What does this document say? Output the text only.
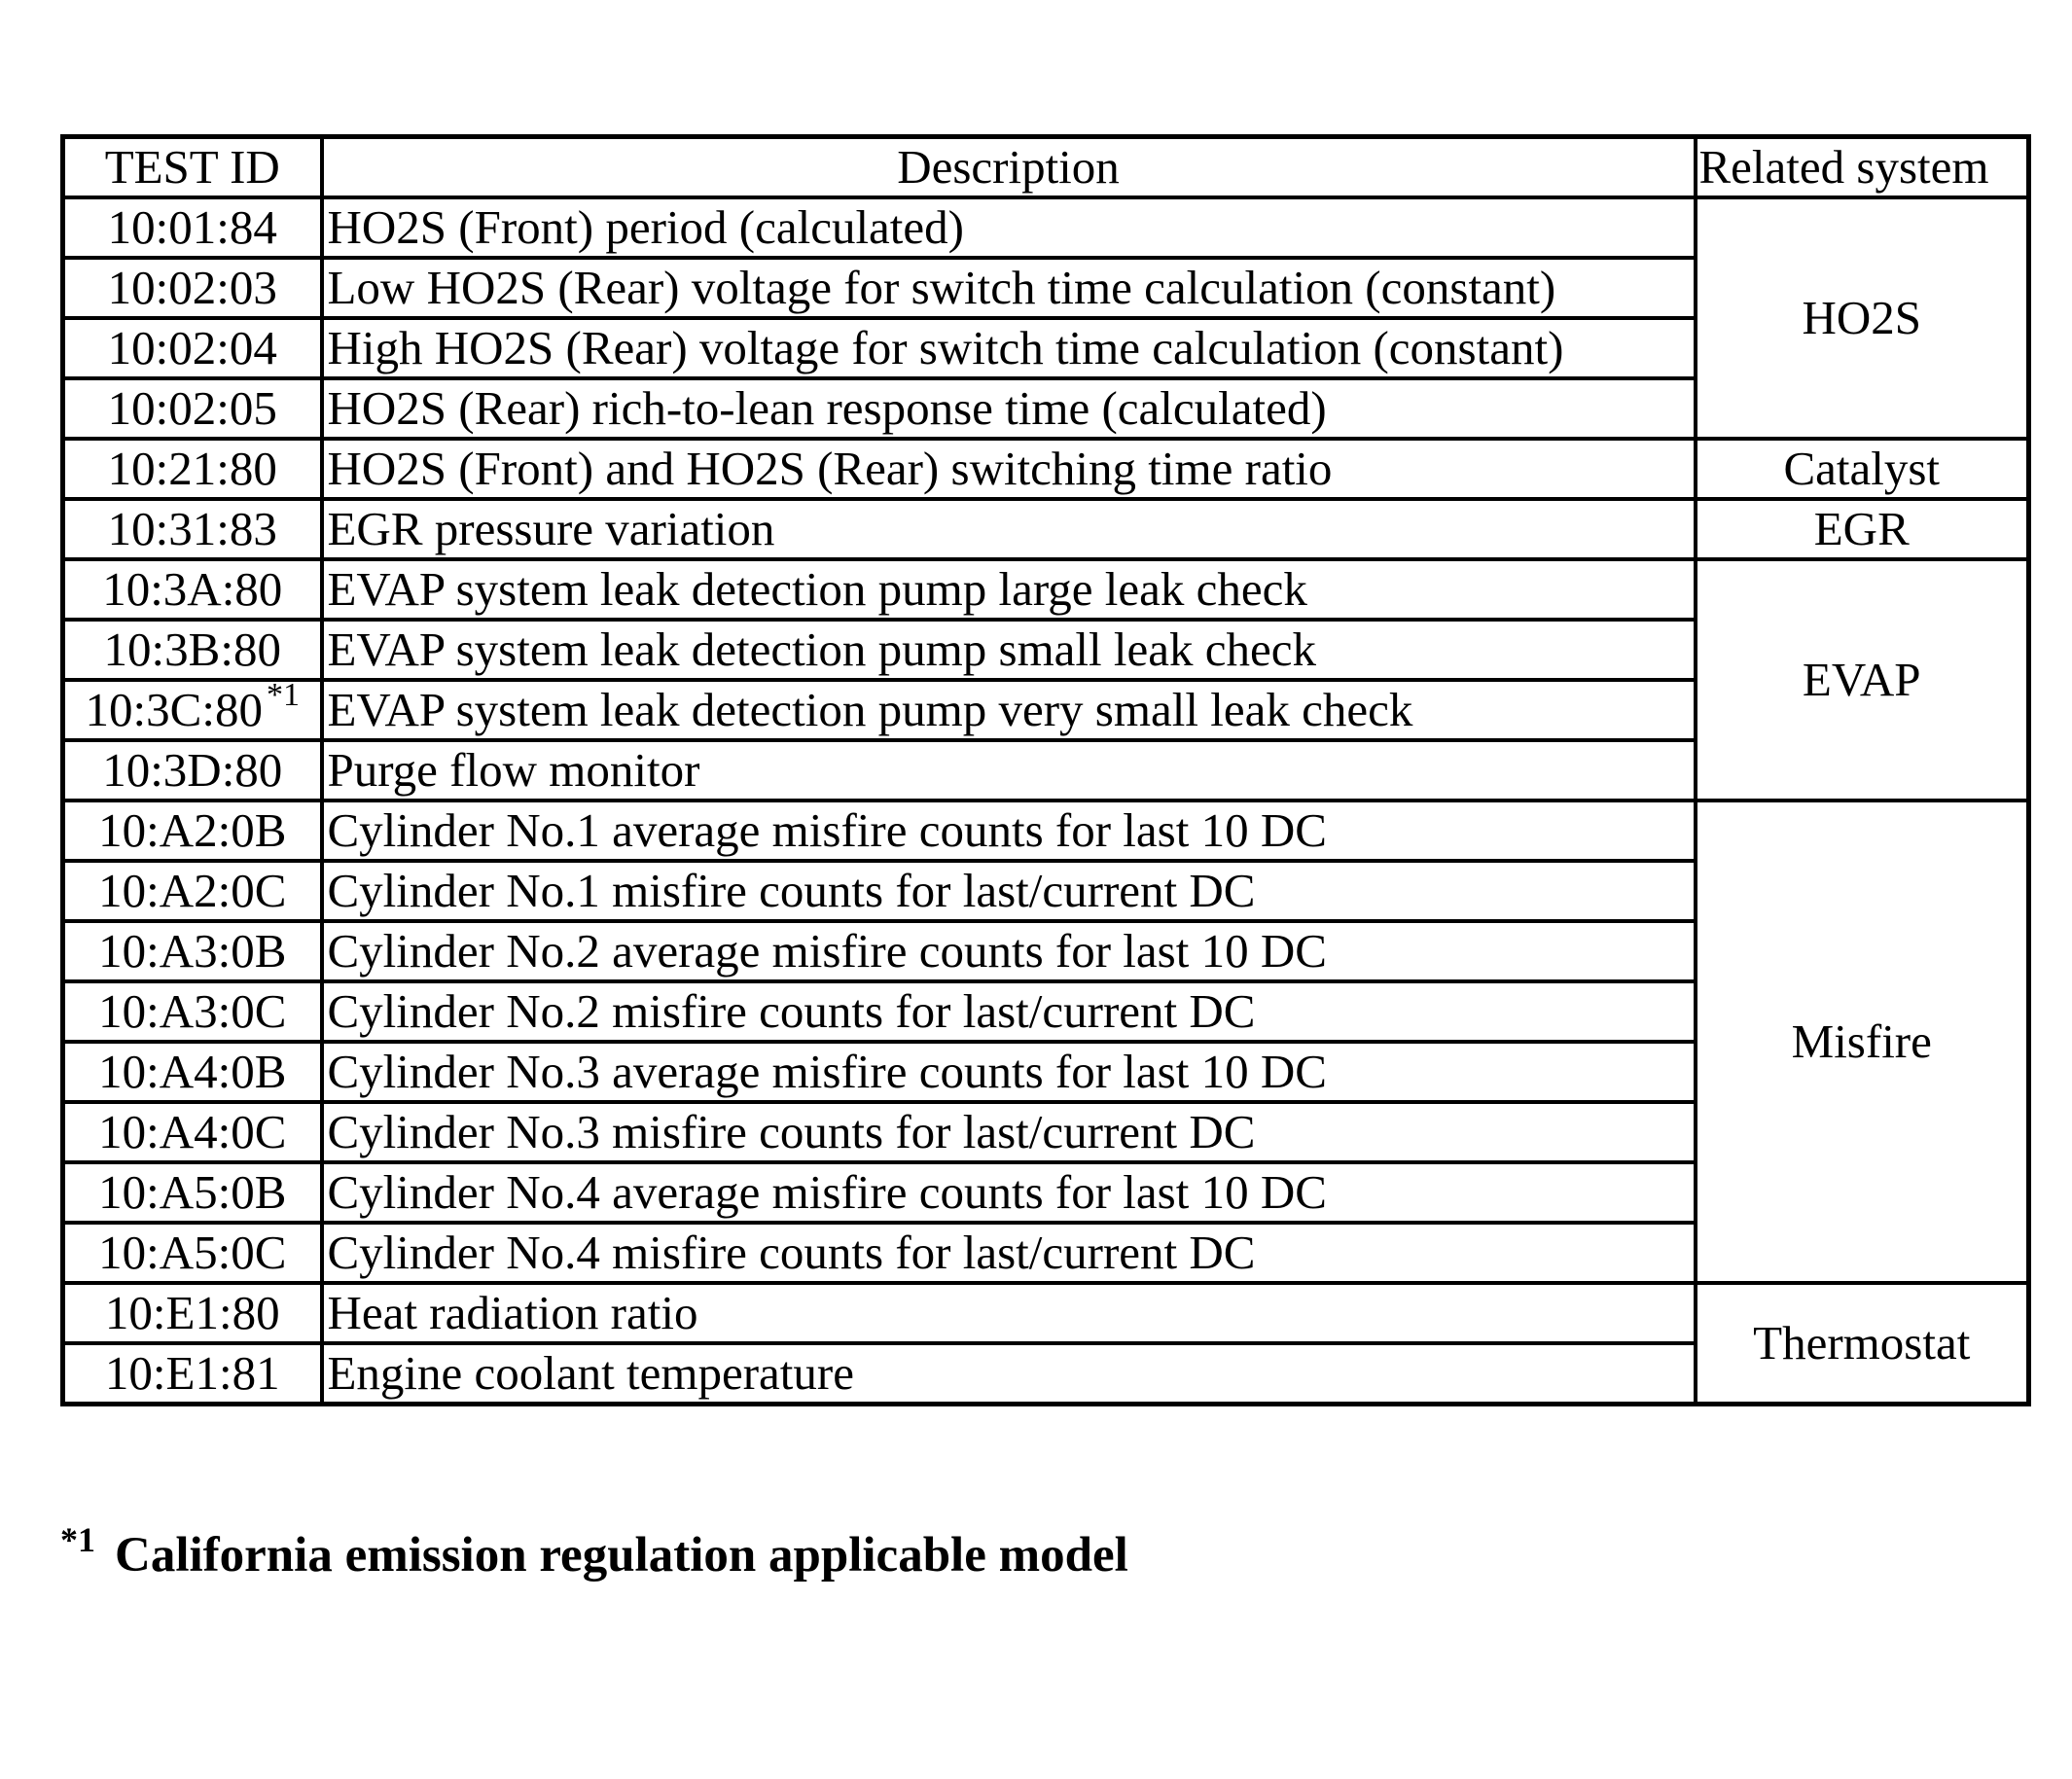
TEST ID	Description	Related system
10:01:84	HO2S (Front) period (calculated)	HO2S
10:02:03	Low HO2S (Rear) voltage for switch time calculation (constant)	
10:02:04	High HO2S (Rear) voltage for switch time calculation (constant)	
10:02:05	HO2S (Rear) rich-to-lean response time (calculated)	
10:21:80	HO2S (Front) and HO2S (Rear) switching time ratio	Catalyst
10:31:83	EGR pressure variation	EGR
10:3A:80	EVAP system leak detection pump large leak check	EVAP
10:3B:80	EVAP system leak detection pump small leak check	
10:3C:80 $^{*1}$	EVAP system leak detection pump very small leak check	
10:3D:80	Purge flow monitor	
10:A2:0B	Cylinder No.1 average misfire counts for last 10 DC	Misfire
10:A2:0C	Cylinder No.1 misfire counts for last/current DC	
10:A3:0B	Cylinder No.2 average misfire counts for last 10 DC	
10:A3:0C	Cylinder No.2 misfire counts for last/current DC	
10:A4:0B	Cylinder No.3 average misfire counts for last 10 DC	
10:A4:0C	Cylinder No.3 misfire counts for last/current DC	
10:A5:0B	Cylinder No.4 average misfire counts for last 10 DC	
10:A5:0C	Cylinder No.4 misfire counts for last/current DC	
10:E1:80	Heat radiation ratio	Thermostat
10:E1:81	Engine coolant temperature	
$^{*1}$ California emission regulation applicable model
